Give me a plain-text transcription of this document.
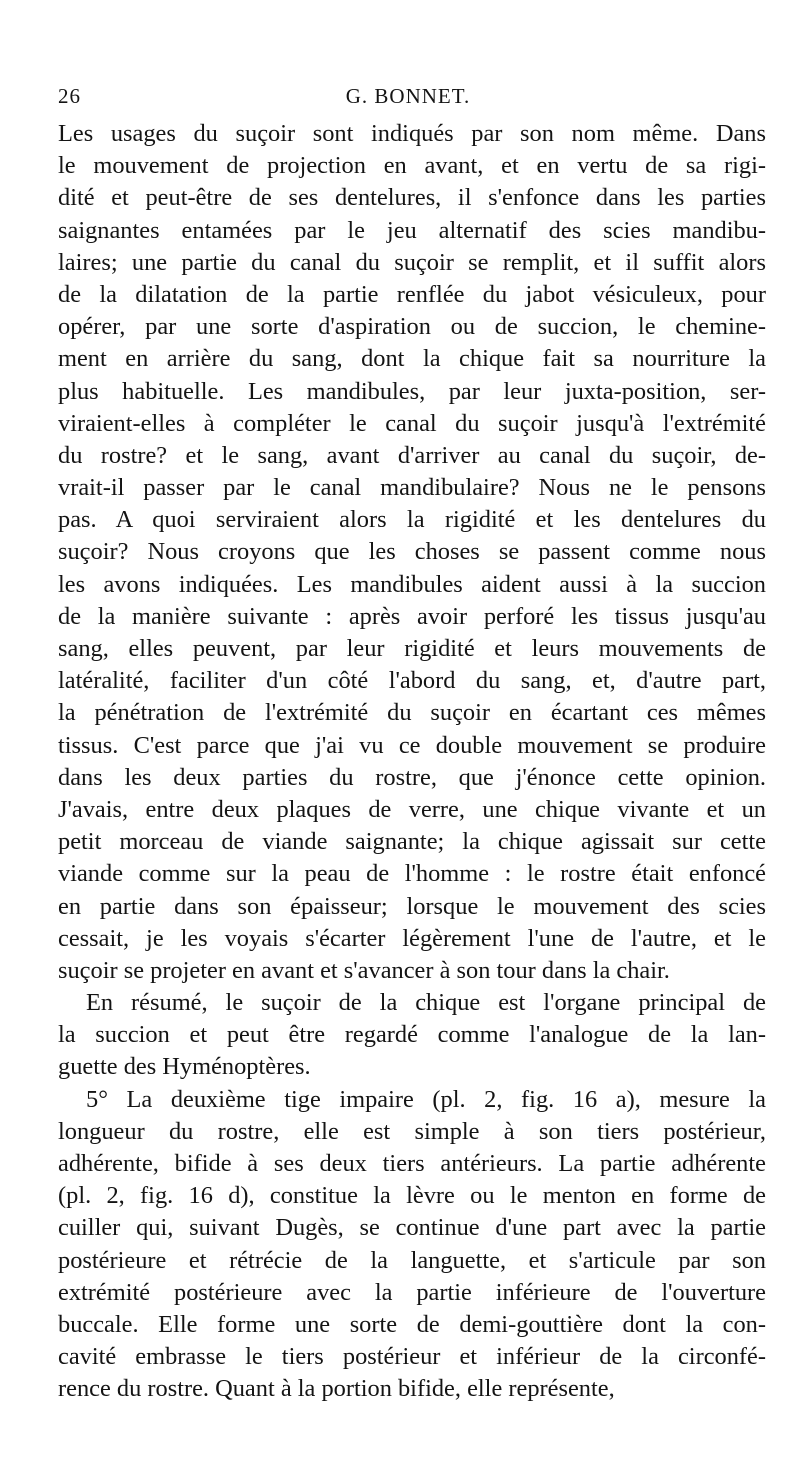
26	G. BONNET.

Les usages du suçoir sont indiqués par son nom même. Dans
le mouvement de projection en avant, et en vertu de sa rigi-
dité et peut-être de ses dentelures, il s'enfonce dans les parties
saignantes entamées par le jeu alternatif des scies mandibu-
laires; une partie du canal du suçoir se remplit, et il suffit alors
de la dilatation de la partie renflée du jabot vésiculeux, pour
opérer, par une sorte d'aspiration ou de succion, le chemine-
ment en arrière du sang, dont la chique fait sa nourriture la
plus habituelle. Les mandibules, par leur juxta-position, ser-
viraient-elles à compléter le canal du suçoir jusqu'à l'extrémité
du rostre? et le sang, avant d'arriver au canal du suçoir, de-
vrait-il passer par le canal mandibulaire? Nous ne le pensons
pas. A quoi serviraient alors la rigidité et les dentelures du
suçoir? Nous croyons que les choses se passent comme nous
les avons indiquées. Les mandibules aident aussi à la succion
de la manière suivante : après avoir perforé les tissus jusqu'au
sang, elles peuvent, par leur rigidité et leurs mouvements de
latéralité, faciliter d'un côté l'abord du sang, et, d'autre part,
la pénétration de l'extrémité du suçoir en écartant ces mêmes
tissus. C'est parce que j'ai vu ce double mouvement se produire
dans les deux parties du rostre, que j'énonce cette opinion.
J'avais, entre deux plaques de verre, une chique vivante et un
petit morceau de viande saignante; la chique agissait sur cette
viande comme sur la peau de l'homme : le rostre était enfoncé
en partie dans son épaisseur; lorsque le mouvement des scies
cessait, je les voyais s'écarter légèrement l'une de l'autre, et le
suçoir se projeter en avant et s'avancer à son tour dans la chair.

En résumé, le suçoir de la chique est l'organe principal de
la succion et peut être regardé comme l'analogue de la lan-
guette des Hyménoptères.

5° La deuxième tige impaire (pl. 2, fig. 16 a), mesure la
longueur du rostre, elle est simple à son tiers postérieur,
adhérente, bifide à ses deux tiers antérieurs. La partie adhérente
(pl. 2, fig. 16 d), constitue la lèvre ou le menton en forme de
cuiller qui, suivant Dugès, se continue d'une part avec la partie
postérieure et rétrécie de la languette, et s'articule par son
extrémité postérieure avec la partie inférieure de l'ouverture
buccale. Elle forme une sorte de demi-gouttière dont la con-
cavité embrasse le tiers postérieur et inférieur de la circonfé-
rence du rostre. Quant à la portion bifide, elle représente,
